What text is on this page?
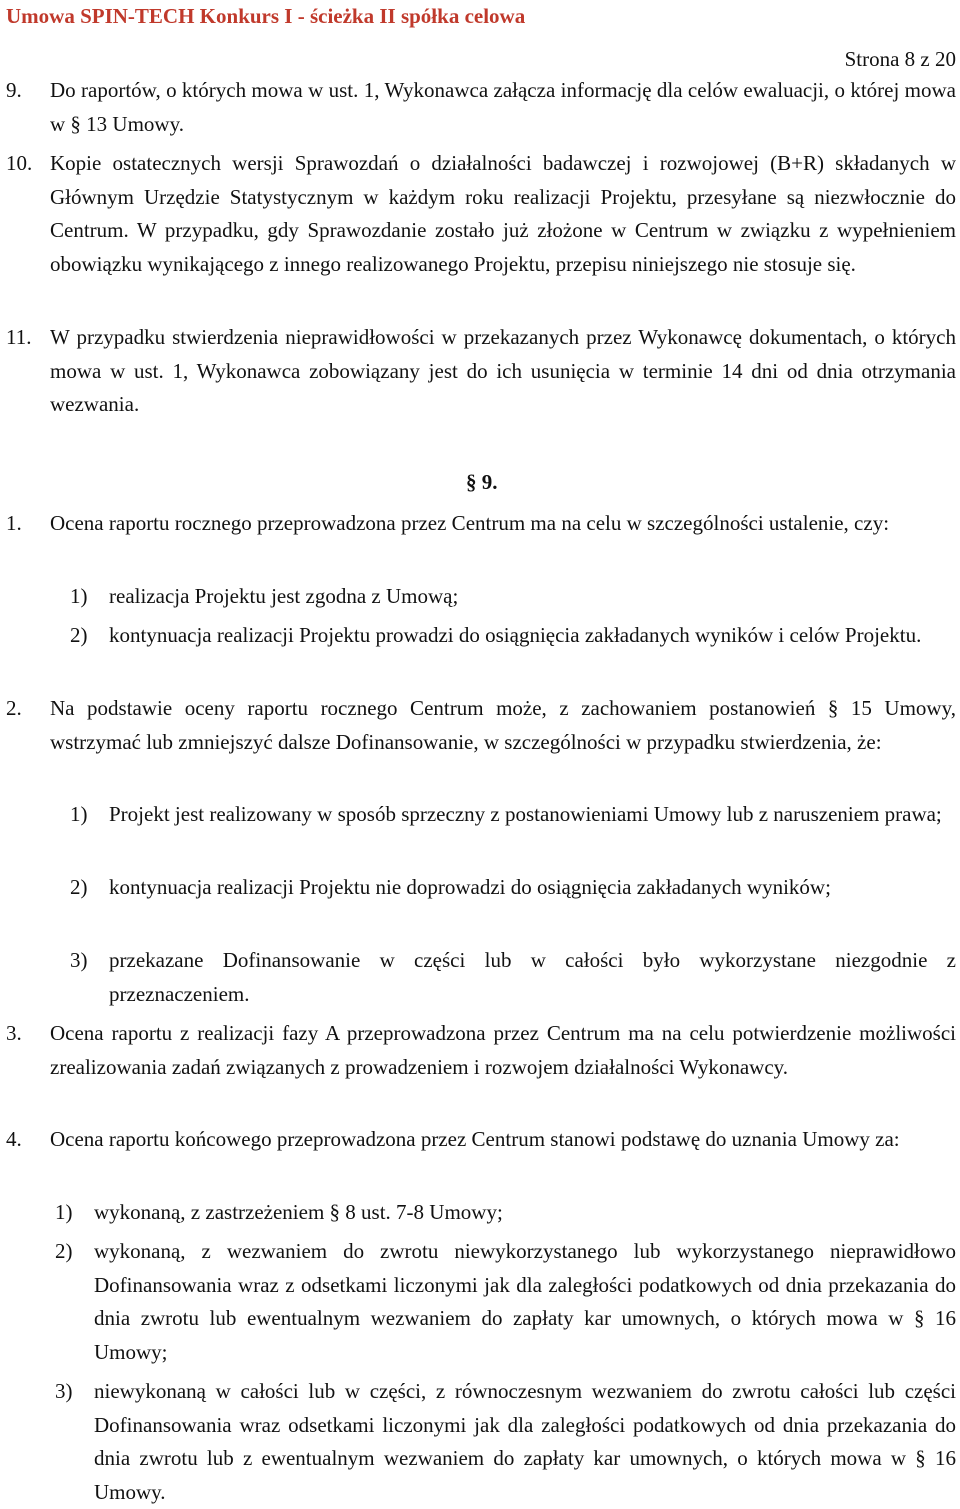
Umowa SPIN-TECH Konkurs I - ścieżka II spółka celowa
Strona 8 z 20
9. Do raportów, o których mowa w ust. 1, Wykonawca załącza informację dla celów ewaluacji, o której mowa w § 13 Umowy.
10. Kopie ostatecznych wersji Sprawozdań o działalności badawczej i rozwojowej (B+R) składanych w Głównym Urzędzie Statystycznym w każdym roku realizacji Projektu, przesyłane są niezwłocznie do Centrum. W przypadku, gdy Sprawozdanie zostało już złożone w Centrum w związku z wypełnieniem obowiązku wynikającego z innego realizowanego Projektu, przepisu niniejszego nie stosuje się.
11. W przypadku stwierdzenia nieprawidłowości w przekazanych przez Wykonawcę dokumentach, o których mowa w ust. 1, Wykonawca zobowiązany jest do ich usunięcia w terminie 14 dni od dnia otrzymania wezwania.
§ 9.
1. Ocena raportu rocznego przeprowadzona przez Centrum ma na celu w szczególności ustalenie, czy:
1) realizacja Projektu jest zgodna z Umową;
2) kontynuacja realizacji Projektu prowadzi do osiągnięcia zakładanych wyników i celów Projektu.
2. Na podstawie oceny raportu rocznego Centrum może, z zachowaniem postanowień § 15 Umowy, wstrzymać lub zmniejszyć dalsze Dofinansowanie, w szczególności w przypadku stwierdzenia, że:
1) Projekt jest realizowany w sposób sprzeczny z postanowieniami Umowy lub z naruszeniem prawa;
2) kontynuacja realizacji Projektu nie doprowadzi do osiągnięcia zakładanych wyników;
3) przekazane Dofinansowanie w części lub w całości było wykorzystane niezgodnie z przeznaczeniem.
3. Ocena raportu z realizacji fazy A przeprowadzona przez Centrum ma na celu potwierdzenie możliwości zrealizowania zadań związanych z prowadzeniem i rozwojem działalności Wykonawcy.
4. Ocena raportu końcowego przeprowadzona przez Centrum stanowi podstawę do uznania Umowy za:
1) wykonaną, z zastrzeżeniem § 8 ust. 7-8 Umowy;
2) wykonaną, z wezwaniem do zwrotu niewykorzystanego lub wykorzystanego nieprawidłowo Dofinansowania wraz z odsetkami liczonymi jak dla zaległości podatkowych od dnia przekazania do dnia zwrotu lub ewentualnym wezwaniem do zapłaty kar umownych, o których mowa w § 16 Umowy;
3) niewykonaną w całości lub w części, z równoczesnym wezwaniem do zwrotu całości lub części Dofinansowania wraz odsetkami liczonymi jak dla zaległości podatkowych od dnia przekazania do dnia zwrotu lub z ewentualnym wezwaniem do zapłaty kar umownych, o których mowa w § 16 Umowy.
